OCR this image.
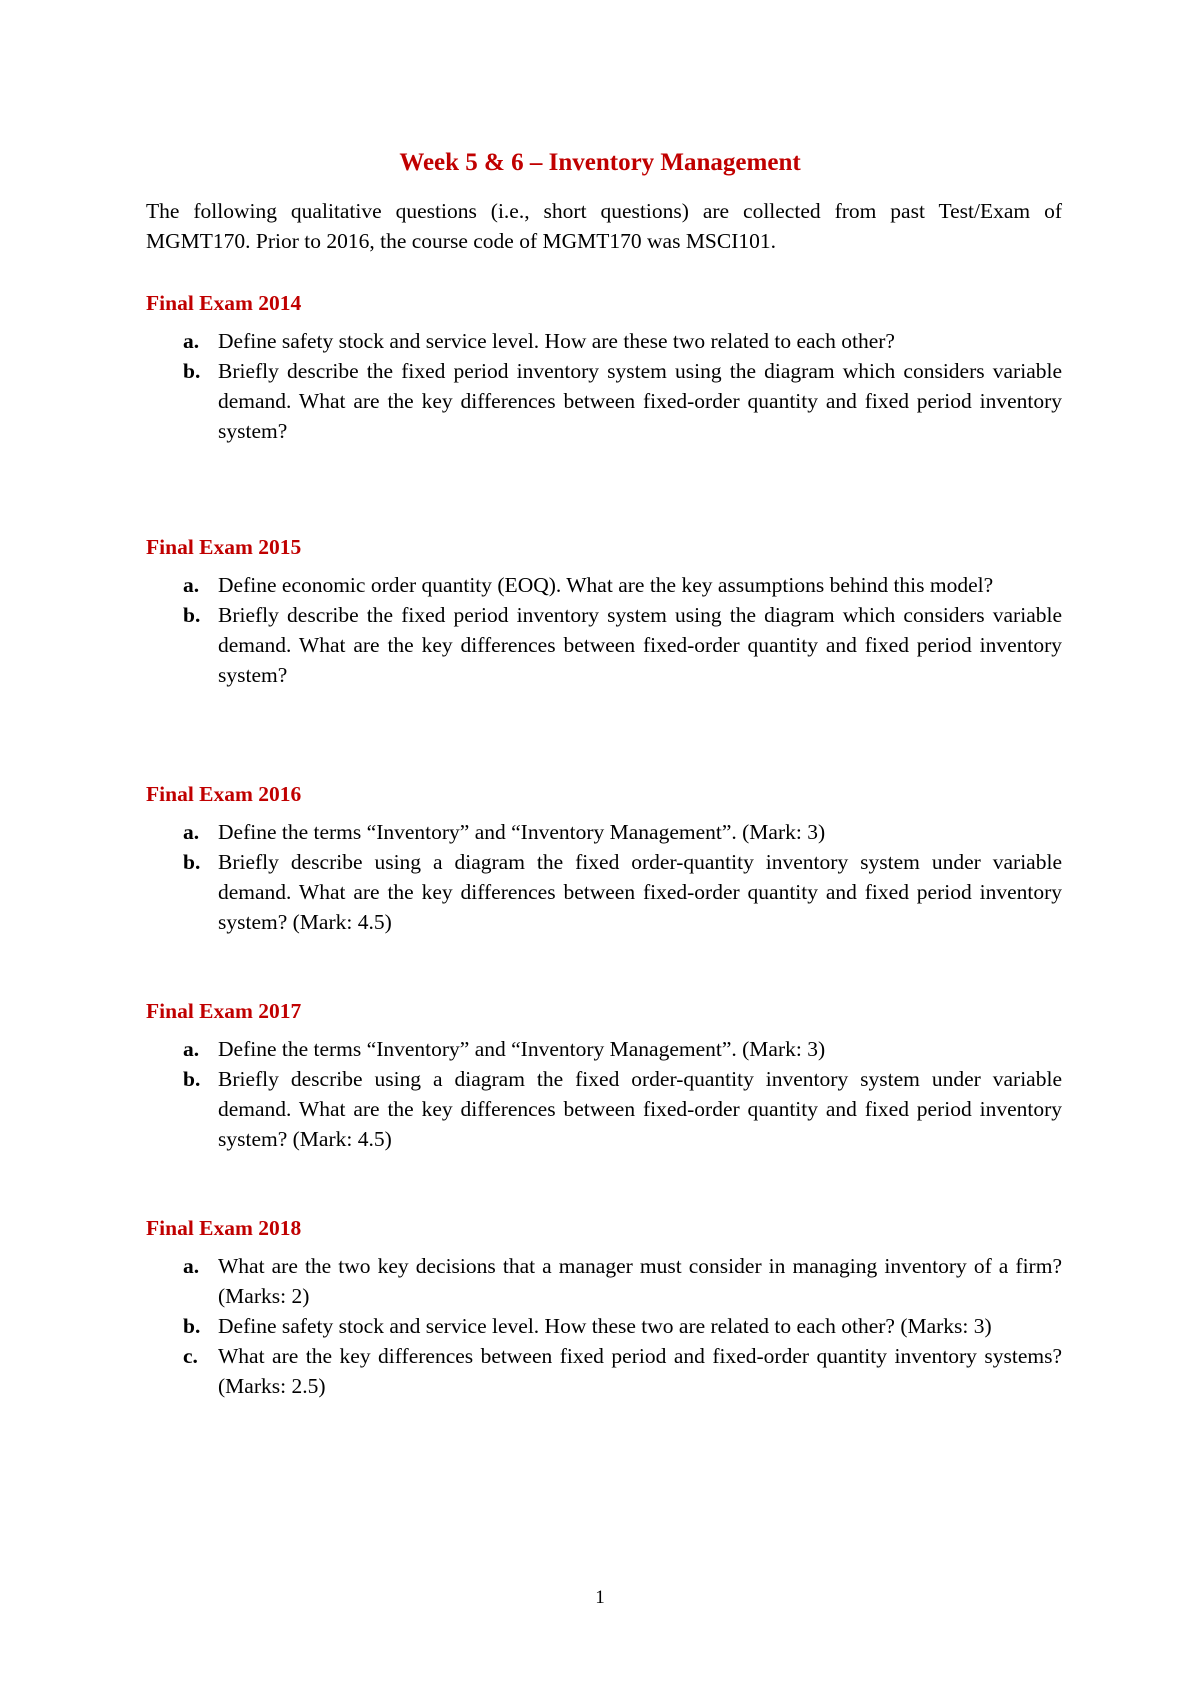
Week 5 & 6 – Inventory Management

The following qualitative questions (i.e., short questions) are collected from past Test/Exam of MGMT170. Prior to 2016, the course code of MGMT170 was MSCI101.

Final Exam 2014
a. Define safety stock and service level. How are these two related to each other?
b. Briefly describe the fixed period inventory system using the diagram which considers variable demand. What are the key differences between fixed-order quantity and fixed period inventory system?
Final Exam 2015
a. Define economic order quantity (EOQ). What are the key assumptions behind this model?
b. Briefly describe the fixed period inventory system using the diagram which considers variable demand. What are the key differences between fixed-order quantity and fixed period inventory system?
Final Exam 2016
a. Define the terms “Inventory” and “Inventory Management”. (Mark: 3)
b. Briefly describe using a diagram the fixed order-quantity inventory system under variable demand. What are the key differences between fixed-order quantity and fixed period inventory system? (Mark: 4.5)
Final Exam 2017
a. Define the terms “Inventory” and “Inventory Management”. (Mark: 3)
b. Briefly describe using a diagram the fixed order-quantity inventory system under variable demand. What are the key differences between fixed-order quantity and fixed period inventory system? (Mark: 4.5)
Final Exam 2018
a. What are the two key decisions that a manager must consider in managing inventory of a firm? (Marks: 2)
b. Define safety stock and service level. How these two are related to each other? (Marks: 3)
c. What are the key differences between fixed period and fixed-order quantity inventory systems? (Marks: 2.5)
1
